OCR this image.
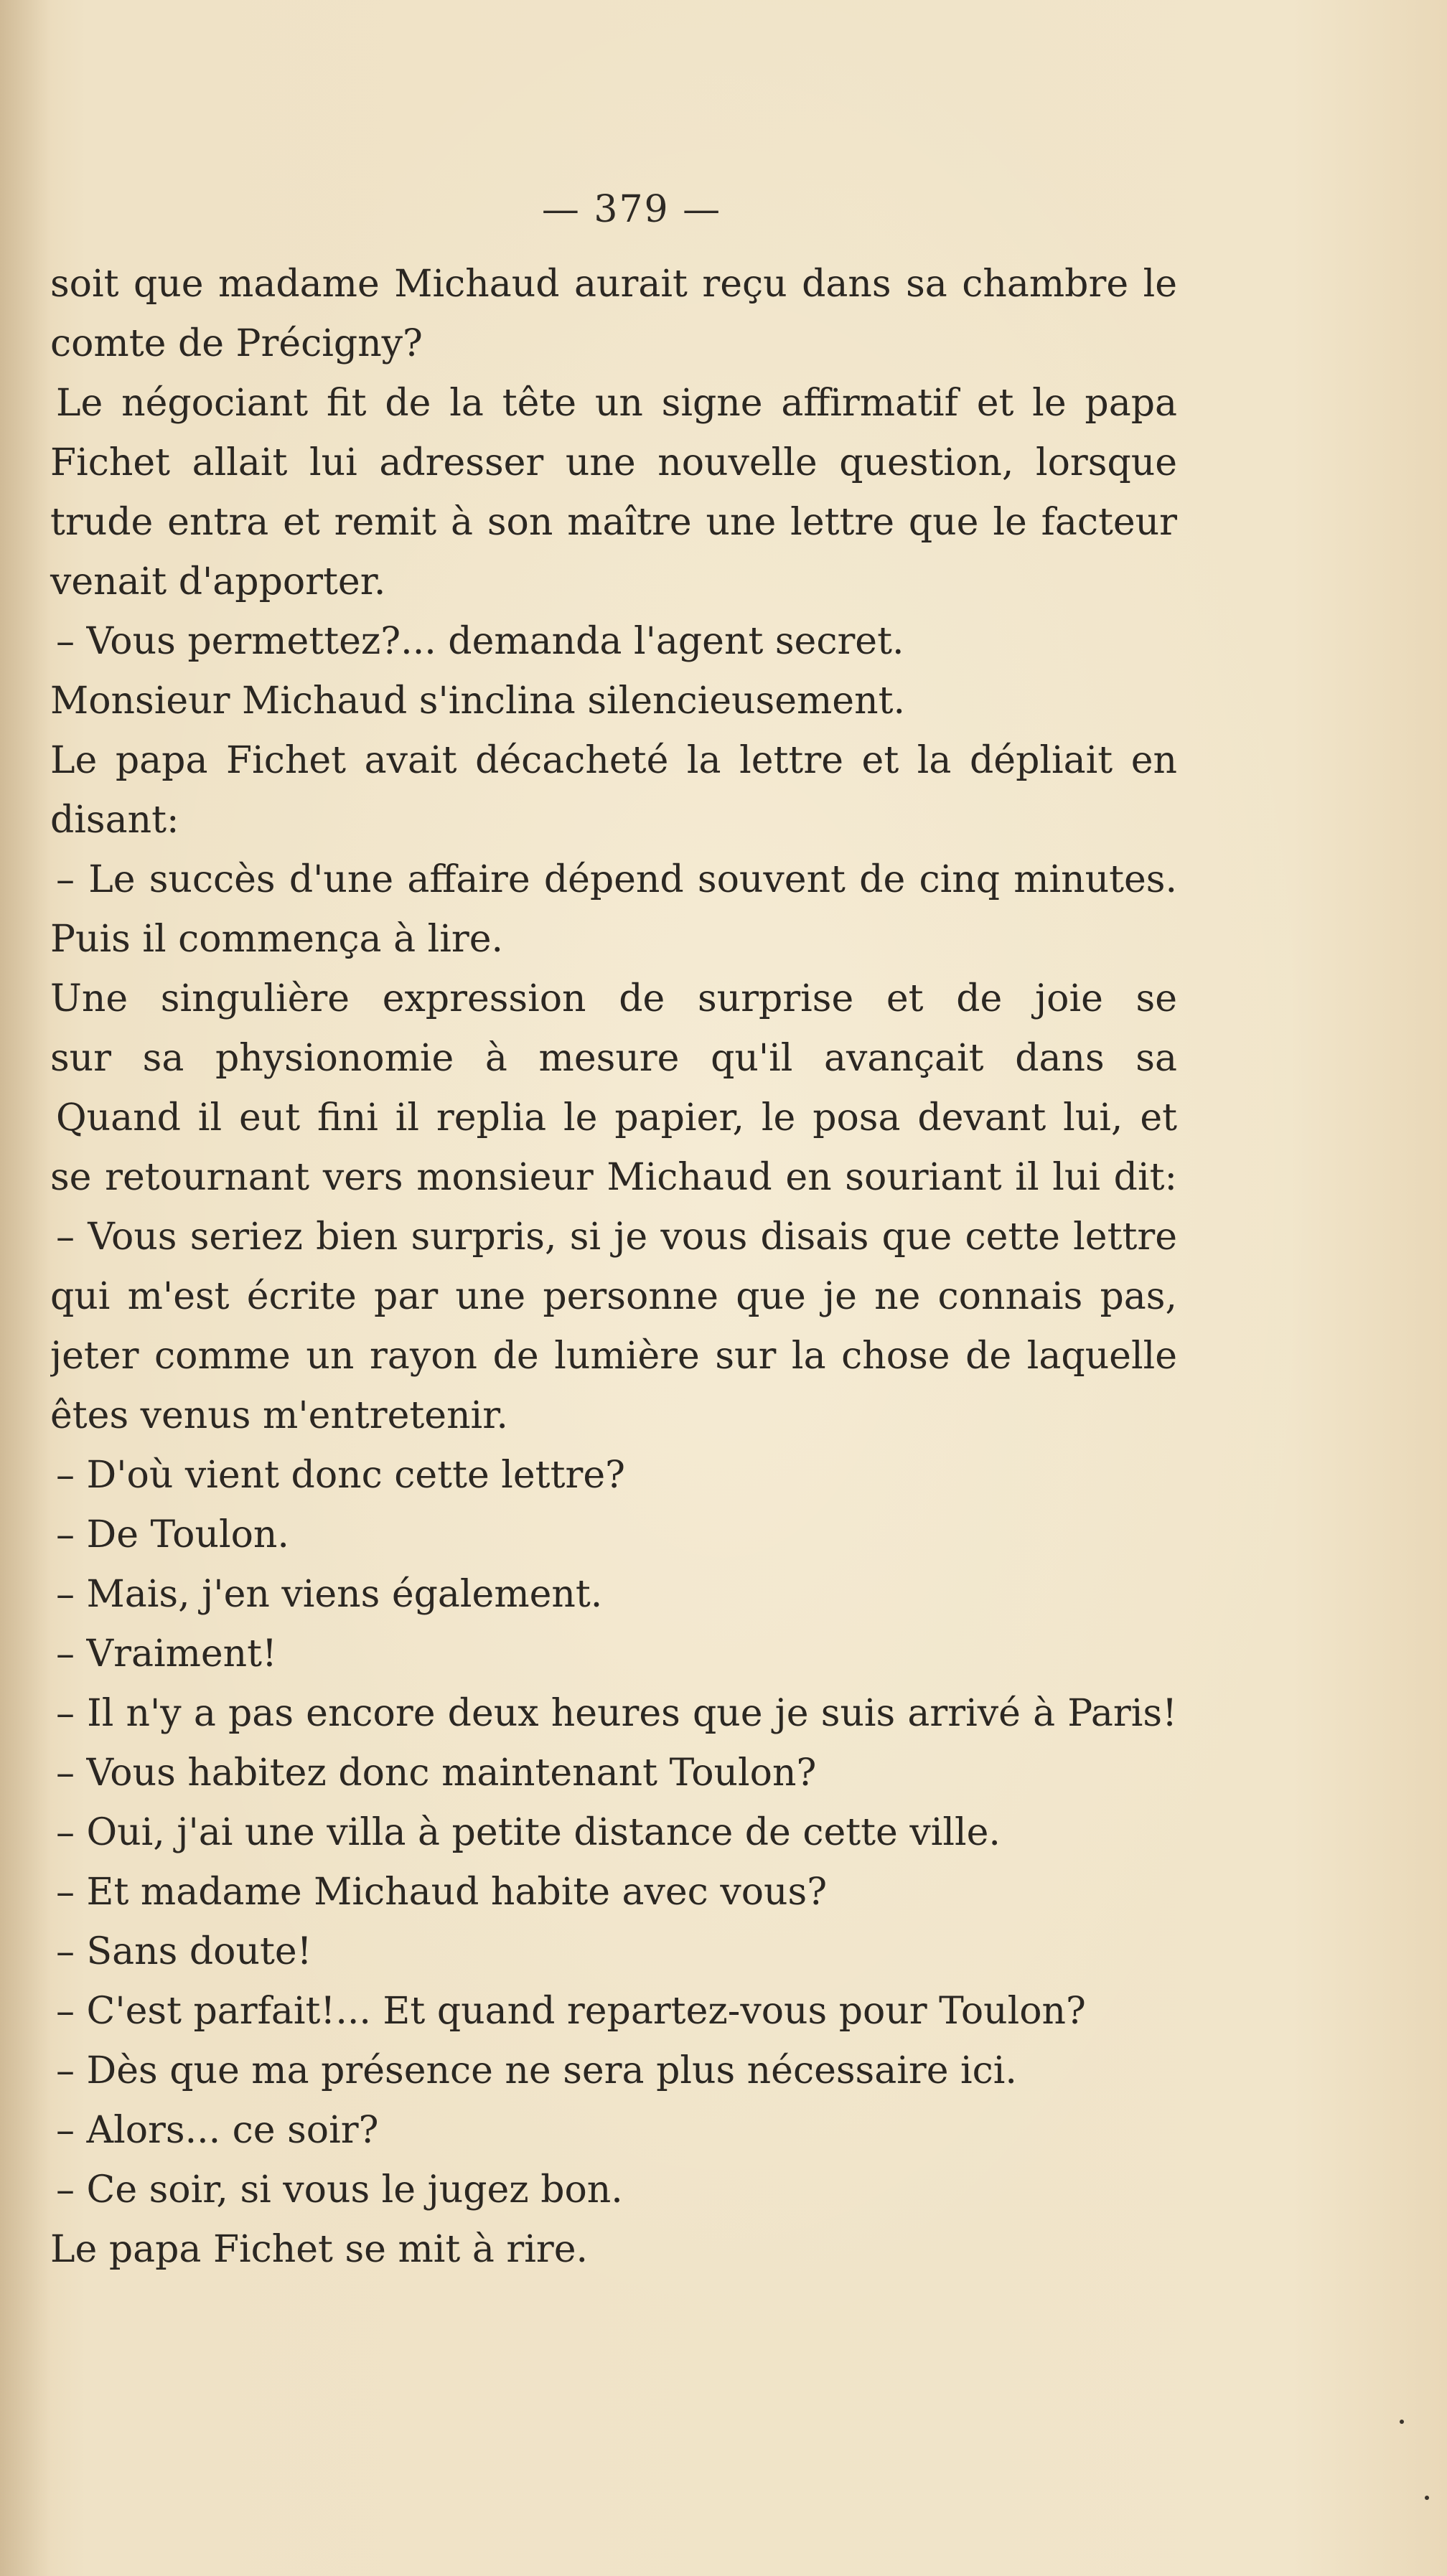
— 379 —
soit que madame Michaud aurait reçu dans sa chambre le
comte de Précigny?
Le négociant fit de la tête un signe affirmatif et le papa
Fichet allait lui adresser une nouvelle question, lorsque
trude entra et remit à son maître une lettre que le facteur
venait d'apporter.
– Vous permettez?... demanda l'agent secret.
Monsieur Michaud s'inclina silencieusement.
Le papa Fichet avait décacheté la lettre et la dépliait en
disant:
– Le succès d'une affaire dépend souvent de cinq minutes.
Puis il commença à lire.
Une singulière expression de surprise et de joie se
sur sa physionomie à mesure qu'il avançait dans sa
Quand il eut fini il replia le papier, le posa devant lui, et
se retournant vers monsieur Michaud en souriant il lui dit:
– Vous seriez bien surpris, si je vous disais que cette lettre
qui m'est écrite par une personne que je ne connais pas,
jeter comme un rayon de lumière sur la chose de laquelle
êtes venus m'entretenir.
– D'où vient donc cette lettre?
– De Toulon.
– Mais, j'en viens également.
– Vraiment!
– Il n'y a pas encore deux heures que je suis arrivé à Paris!
– Vous habitez donc maintenant Toulon?
– Oui, j'ai une villa à petite distance de cette ville.
– Et madame Michaud habite avec vous?
– Sans doute!
– C'est parfait!... Et quand repartez-vous pour Toulon?
– Dès que ma présence ne sera plus nécessaire ici.
– Alors... ce soir?
– Ce soir, si vous le jugez bon.
Le papa Fichet se mit à rire.
